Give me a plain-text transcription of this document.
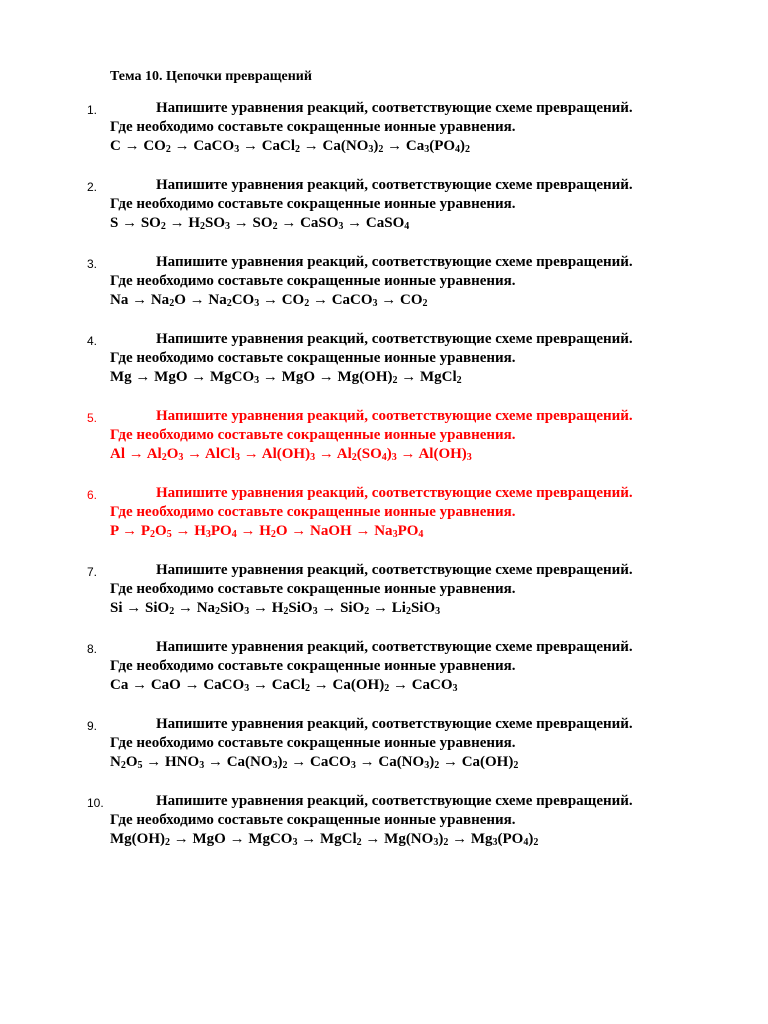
Тема 10. Цепочки превращений
1.	Напишите уравнения реакций, соответствующие схеме превращений.
Где необходимо составьте сокращенные ионные уравнения.
$C \to CO_2$ → CaCO$_3$ → CaCl$_2$ → $Ca(NO_3)_2 \to Ca_3(PO_4)_2$
2.	Напишите уравнения реакций, соответствующие схеме превращений.
Где необходимо составьте сокращенные ионные уравнения.
$S \to SO_2 \to H_2SO_3 \to SO_2$ → CaSO$_3$ → CaSO$_4$
3.	Напишите уравнения реакций, соответствующие схеме превращений.
Где необходимо составьте сокращенные ионные уравнения.
$Na \to Na_2O \to Na_2CO_3 \to CO_2$ → CaCO$_3$ → $CO_2$
4.	Напишите уравнения реакций, соответствующие схеме превращений.
Где необходимо составьте сокращенные ионные уравнения.
Mg → MgO → MgCO$_3$ → MgO → $Mg(OH)_2$ → MgCl$_2$
5.	Напишите уравнения реакций, соответствующие схеме превращений.
Где необходимо составьте сокращенные ионные уравнения.
$Al \to Al_2O_3$ → AlCl$_3$ → $Al(OH)_3 \to Al_2(SO_4)_3 \to Al(OH)_3$
6.	Напишите уравнения реакций, соответствующие схеме превращений.
Где необходимо составьте сокращенные ионные уравнения.
$P \to P_2O_5 \to H_3PO_4 \to H_2O$ → NaOH → $Na_3PO_4$
7.	Напишите уравнения реакций, соответствующие схеме превращений.
Где необходимо составьте сокращенные ионные уравнения.
$Si \to SiO_2 \to Na_2SiO_3 \to H_2SiO_3 \to SiO_2 \to Li_2SiO_3$
8.	Напишите уравнения реакций, соответствующие схеме превращений.
Где необходимо составьте сокращенные ионные уравнения.
Ca → CaO → CaCO$_3$ → CaCl$_2$ → $Ca(OH)_2$ → CaCO$_3$
9.	Напишите уравнения реакций, соответствующие схеме превращений.
Где необходимо составьте сокращенные ионные уравнения.
$N_2O_5 \to HNO_3 \to Ca(NO_3)_2$ → CaCO$_3$ → $Ca(NO_3)_2 \to Ca(OH)_2$
10.	Напишите уравнения реакций, соответствующие схеме превращений.
Где необходимо составьте сокращенные ионные уравнения.
$Mg(OH)_2$ → MgO → MgCO$_3$ → MgCl$_2$ → $Mg(NO_3)_2 \to Mg_3(PO_4)_2$
